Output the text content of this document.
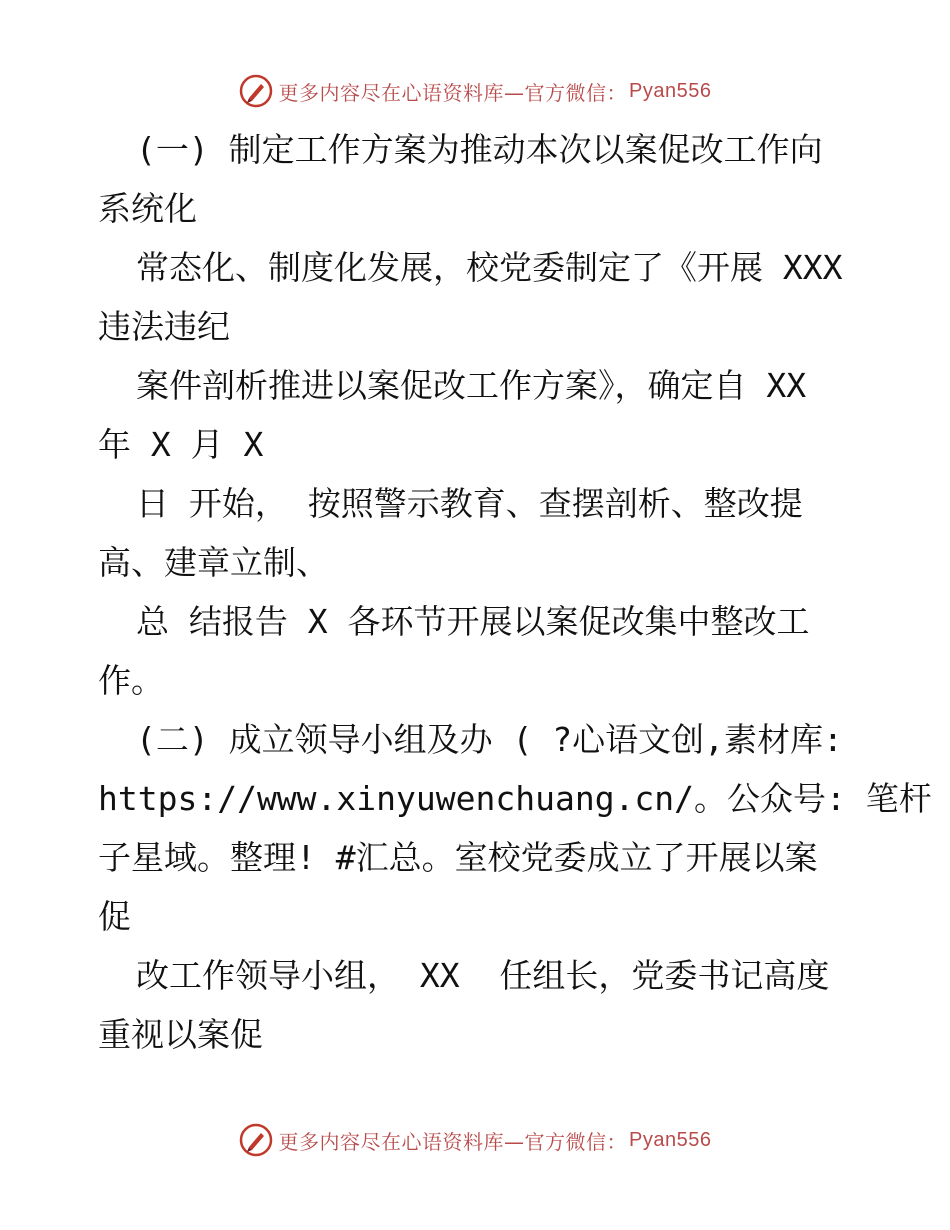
更多内容尽在心语资料库—官方微信： Pyan556
(一) 制定工作方案为推动本次以案促改工作向
系统化
常态化、制度化发展，校党委制定了《开展 XXX
违法违纪
案件剖析推进以案促改工作方案》，确定自 XX
年 X 月 X
日 开始， 按照警示教育、查摆剖析、整改提
高、建章立制、
总 结报告 X 各环节开展以案促改集中整改工
作。
(二) 成立领导小组及办 ( ?心语文创,素材库:
https://www.xinyuwenchuang.cn/。公众号: 笔杆
子星域。整理! #汇总。室校党委成立了开展以案
促
改工作领导小组， XX  任组长，党委书记高度
重视以案促
更多内容尽在心语资料库—官方微信： Pyan556
